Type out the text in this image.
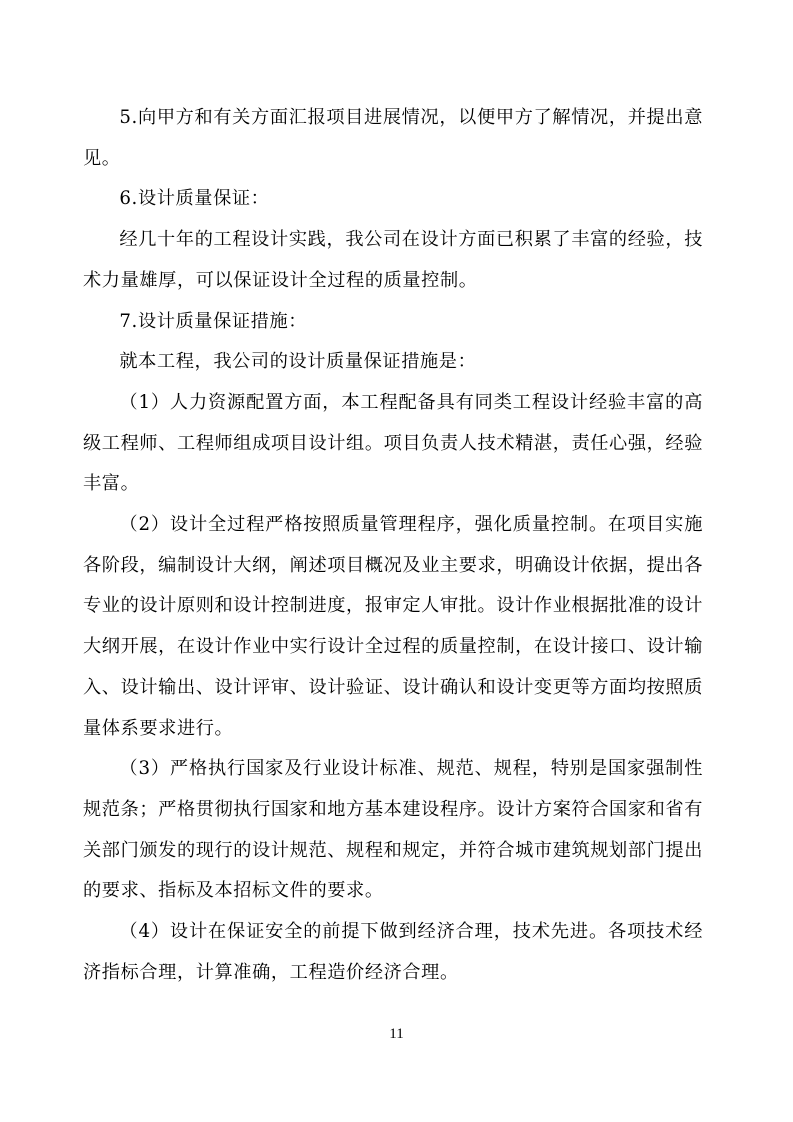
5.向甲方和有关方面汇报项目进展情况，以便甲方了解情况，并提出意见。

6.设计质量保证：

经几十年的工程设计实践，我公司在设计方面已积累了丰富的经验，技术力量雄厚，可以保证设计全过程的质量控制。

7.设计质量保证措施：

就本工程，我公司的设计质量保证措施是：

（1）人力资源配置方面，本工程配备具有同类工程设计经验丰富的高级工程师、工程师组成项目设计组。项目负责人技术精湛，责任心强，经验丰富。

（2）设计全过程严格按照质量管理程序，强化质量控制。在项目实施各阶段，编制设计大纲，阐述项目概况及业主要求，明确设计依据，提出各专业的设计原则和设计控制进度，报审定人审批。设计作业根据批准的设计大纲开展，在设计作业中实行设计全过程的质量控制，在设计接口、设计输入、设计输出、设计评审、设计验证、设计确认和设计变更等方面均按照质量体系要求进行。

（3）严格执行国家及行业设计标准、规范、规程，特别是国家强制性规范条；严格贯彻执行国家和地方基本建设程序。设计方案符合国家和省有关部门颁发的现行的设计规范、规程和规定，并符合城市建筑规划部门提出的要求、指标及本招标文件的要求。

（4）设计在保证安全的前提下做到经济合理，技术先进。各项技术经济指标合理，计算准确，工程造价经济合理。

11
